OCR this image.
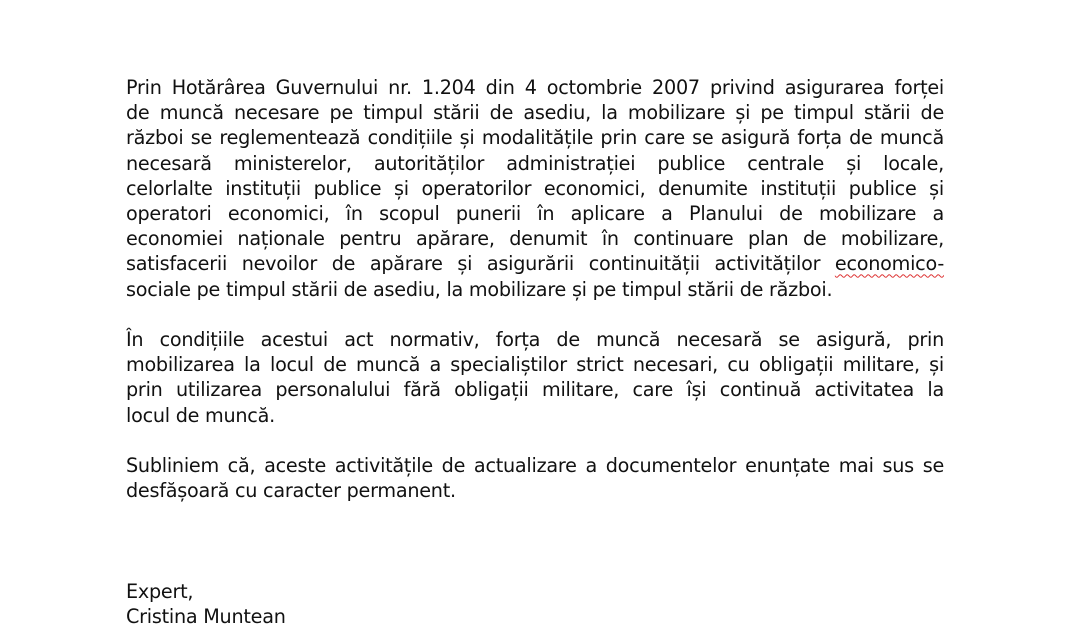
Prin Hotărârea Guvernului nr. 1.204 din 4 octombrie 2007 privind asigurarea forței
de muncă necesare pe timpul stării de asediu, la mobilizare și pe timpul stării de
război se reglementează condițiile și modalitățile prin care se asigură forța de muncă
necesară ministerelor, autorităților administrației publice centrale și locale,
celorlalte instituții publice și operatorilor economici, denumite instituții publice și
operatori economici, în scopul punerii în aplicare a Planului de mobilizare a
economiei naționale pentru apărare, denumit în continuare plan de mobilizare,
satisfacerii nevoilor de apărare și asigurării continuității activităților economico-
sociale pe timpul stării de asediu, la mobilizare și pe timpul stării de război.
În condițiile acestui act normativ, forța de muncă necesară se asigură, prin
mobilizarea la locul de muncă a specialiștilor strict necesari, cu obligații militare, și
prin utilizarea personalului fără obligații militare, care își continuă activitatea la
locul de muncă.
Subliniem că, aceste activitățile de actualizare a documentelor enunțate mai sus se
desfășoară cu caracter permanent.
Expert,
Cristina Muntean
